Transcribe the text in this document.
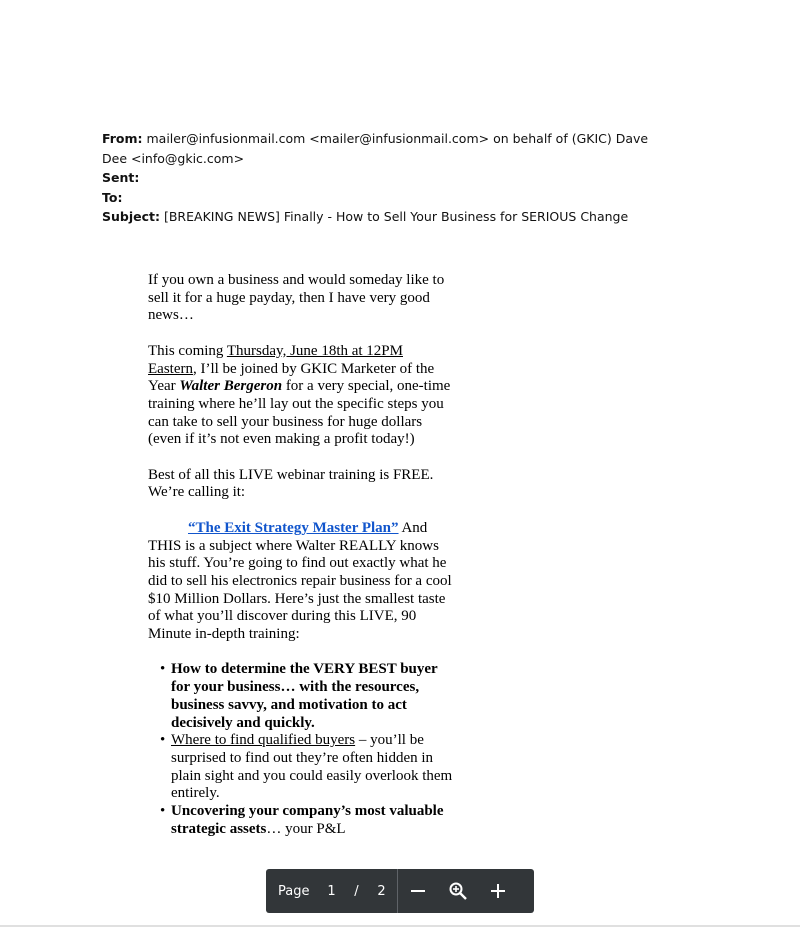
From: mailer@infusionmail.com <mailer@infusionmail.com> on behalf of (GKIC) Dave Dee <info@gkic.com>
Sent:
To:
Subject: [BREAKING NEWS] Finally - How to Sell Your Business for SERIOUS Change

If you own a business and would someday like to sell it for a huge payday, then I have very good news…

This coming Thursday, June 18th at 12PM Eastern, I’ll be joined by GKIC Marketer of the Year Walter Bergeron for a very special, one-time training where he’ll lay out the specific steps you can take to sell your business for huge dollars (even if it’s not even making a profit today!)

Best of all this LIVE webinar training is FREE. We’re calling it:

“The Exit Strategy Master Plan” And THIS is a subject where Walter REALLY knows his stuff. You’re going to find out exactly what he did to sell his electronics repair business for a cool $10 Million Dollars. Here’s just the smallest taste of what you’ll discover during this LIVE, 90 Minute in-depth training:

• How to determine the VERY BEST buyer for your business… with the resources, business savvy, and motivation to act decisively and quickly.
• Where to find qualified buyers – you’ll be surprised to find out they’re often hidden in plain sight and you could easily overlook them entirely.
• Uncovering your company’s most valuable strategic assets… your P&L
Page	1	/	2
